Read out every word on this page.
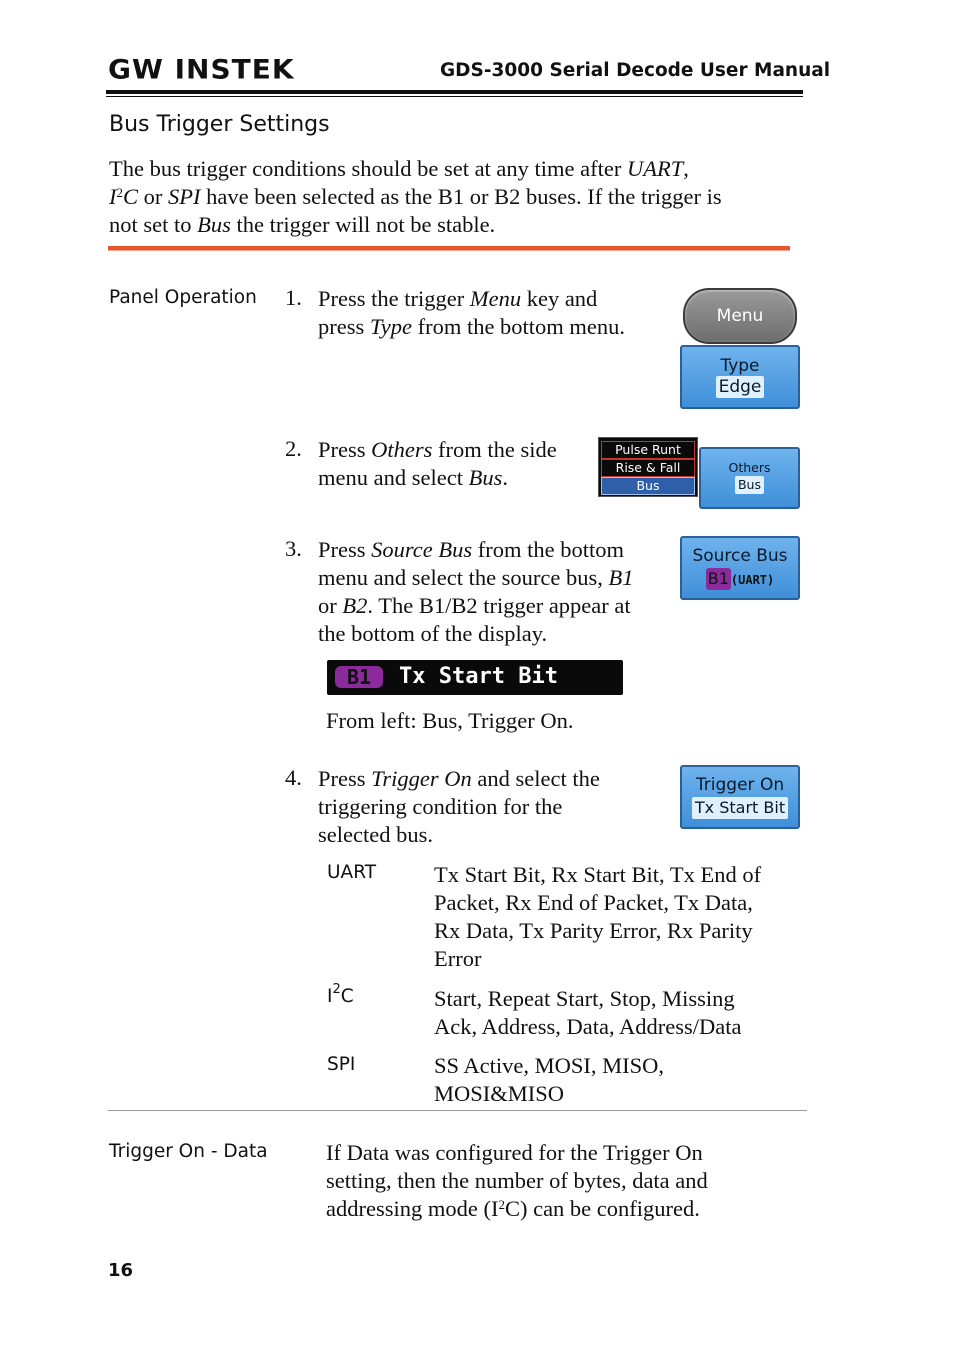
GW INSTEK	GDS-3000 Serial Decode User Manual
Bus Trigger Settings
The bus trigger conditions should be set at any time after UART,
$I^2C$ or SPI have been selected as the B1 or B2 buses. If the trigger is
not set to Bus the trigger will not be stable.
Panel Operation 1. Press the trigger Menu key and
press Type from the bottom menu.	Menu
Type
Edge
2. Press Others from the side
menu and select Bus.
Pulse Runt
Rise & Fall
Bus
Others
Bus
3. Press Source Bus from the bottom
menu and select the source bus, B1
or B2. The B1/B2 trigger appear at
the bottom of the display.
Source Bus
B1 (UART)
B1	Tx Start Bit
From left: Bus, Trigger On.
4. Press Trigger On and select the
triggering condition for the
selected bus.
Trigger On
Tx Start Bit
UART	Tx Start Bit, Rx Start Bit, Tx End of
Packet, Rx End of Packet, Tx Data,
Rx Data, Tx Parity Error, Rx Parity
Error
$I^2C$	Start, Repeat Start, Stop, Missing
Ack, Address, Data, Address/Data
SPI	SS Active, MOSI, MISO,
MOSI&MISO
Trigger On - Data	If Data was configured for the Trigger On
setting, then the number of bytes, data and
addressing mode $(I^2C)$ can be configured.
16
